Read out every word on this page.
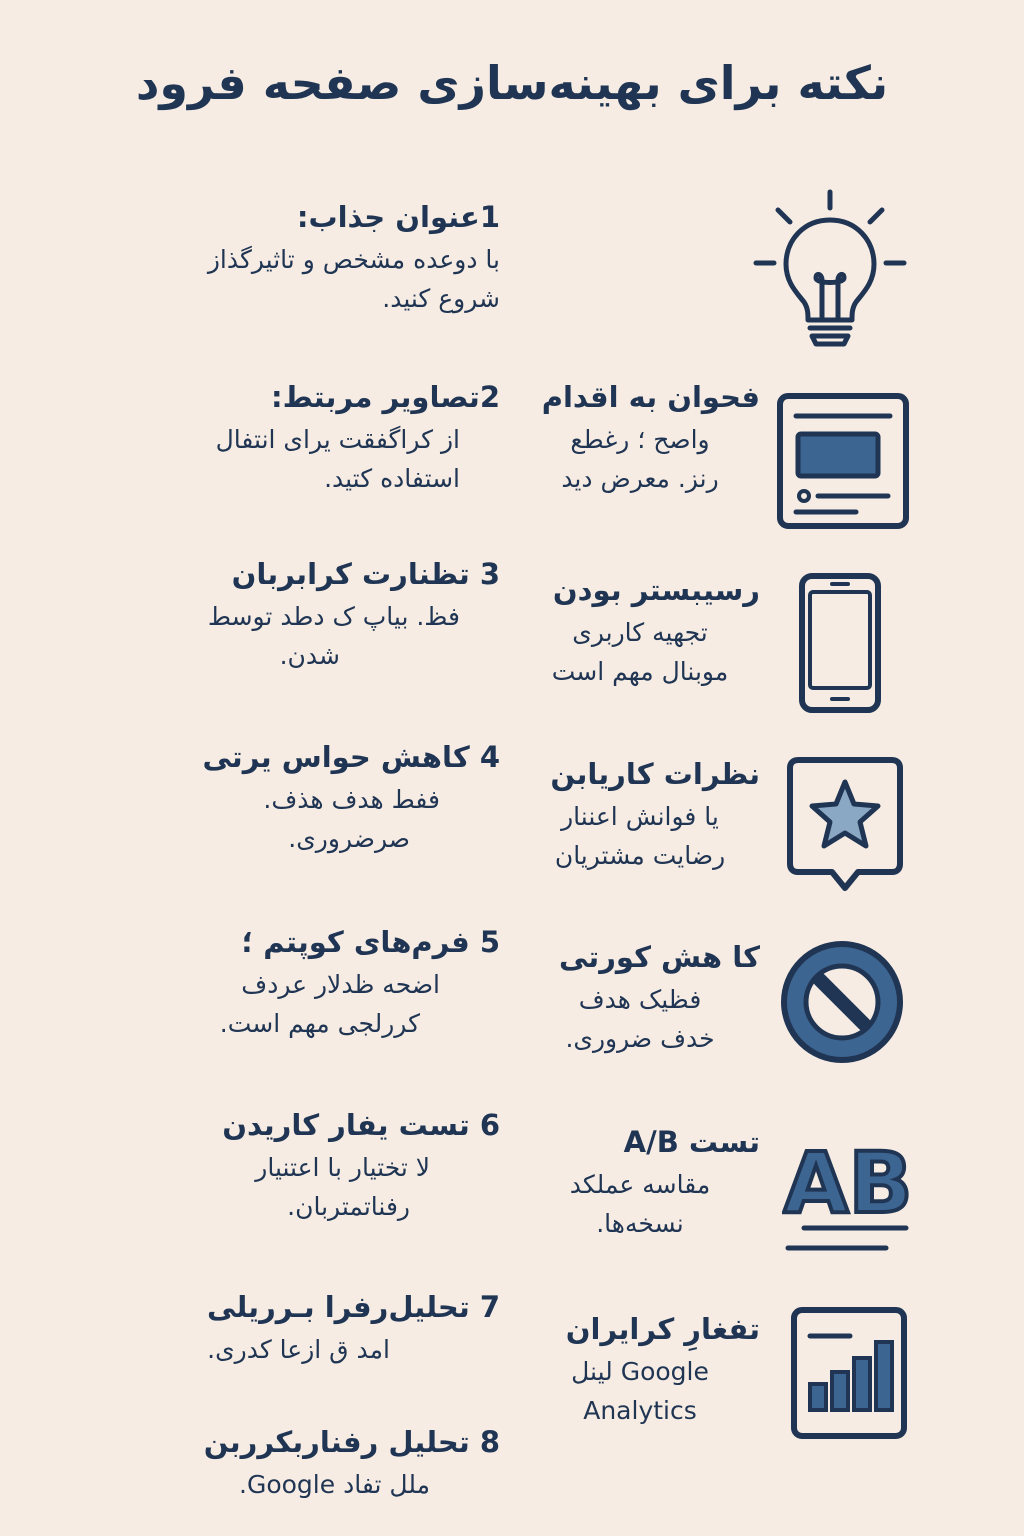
نکته برای بهینه‌سازی صفحه فرود

1عنوان جذاب:

با دوعده مشخص و تاثیرگذاز
شروع کنید.

2تصاویر مربتط:

از کراگفقت یرای انتفال
استفاده کتید.

3 تظنارت کرابربان

فظ. بیاپ ک دطد توسط
شدن.

4 کاهش حواس یرتی

ففط هدف هذف.
صرضروری.

5 فرم‌های کوپتم ؛

اضحه ظدلار عردف
کررلجی مهم است.

6 تست یفار کاریدن

لا تختیار با اعتنیار
رفناتمتربان.

7 تحلیل‌رفرا بـرریلی

امد ق ازعا کدری.

8 تحلیل رفناربکرربن

ملل تفاد Google.

فحوان به اقدام

واصح ؛ رغطع
رنز. معرض دید

رسیبستر بودن

تجهیه کاربری
موبنال مهم است

نظرات کاریابن

یا فوانش اعننار
رضایت مشتریان

کا هش کورتی

فظیک هدف
خدف ضروری.

تست A/B

مقاسه عملکد
نسخه‌ها.

تفغارِ کرایران

Google لینل
Analytics

AB
